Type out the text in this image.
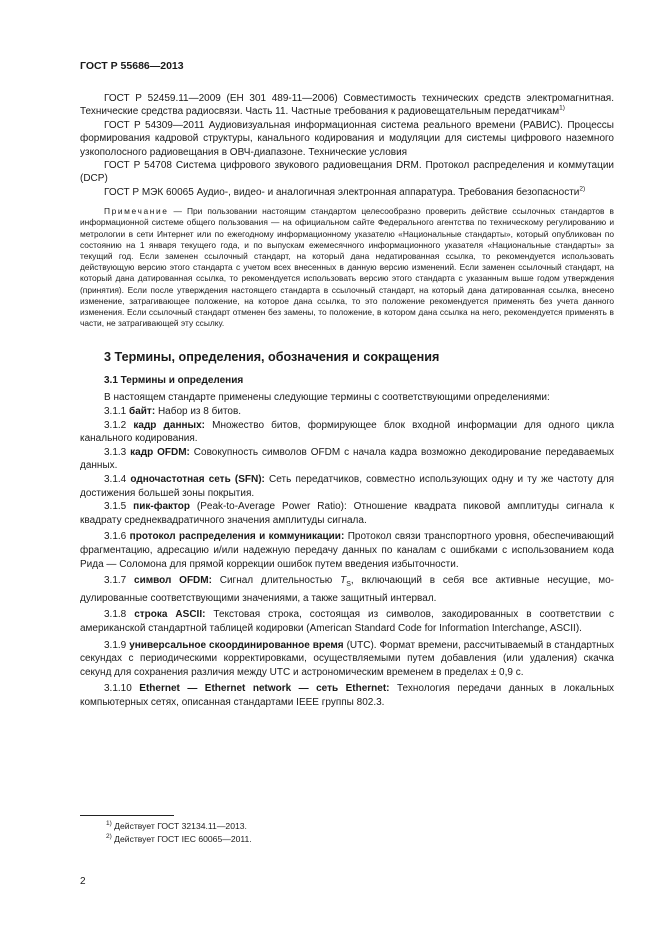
ГОСТ Р 55686—2013

ГОСТ Р 52459.11—2009 (EH 301 489-11—2006) Совместимость технических средств электромагнитная. Технические средства радиосвязи. Часть 11. Частные требования к радиовещательным передатчикам$^{1)}$

ГОСТ Р 54309—2011 Аудиовизуальная информационная система реального времени (РАВИС). Процессы формирования кадровой структуры, канального кодирования и модуляции для системы цифрового наземного узкополосного радиовещания в ОВЧ-диапазоне. Технические условия

ГОСТ Р 54708 Система цифрового звукового радиовещания DRM. Протокол распределения и коммутации (DCP)

ГОСТ Р МЭК 60065 Аудио-, видео- и аналогичная электронная аппаратура. Требования безопасности$^{2)}$

Примечание — При пользовании настоящим стандартом целесообразно проверить действие ссылочных стандартов в информационной системе общего пользования — на официальном сайте Федерального агентства по техническому регулированию и метрологии в сети Интернет или по ежегодному информационному указателю «Национальные стандарты», который опубликован по состоянию на 1 января текущего года, и по выпускам ежемесячного информационного указателя «Национальные стандарты» за текущий год. Если заменен ссылочный стандарт, на который дана недатированная ссылка, то рекомендуется использовать действующую версию этого стандарта с учетом всех внесенных в данную версию изменений. Если заменен ссылочный стандарт, на который дана датированная ссылка, то рекомендуется использовать версию этого стандарта с указанным выше годом утверждения (принятия). Если после утверждения настоящего стандарта в ссылочный стандарт, на который дана датированная ссылка, внесено изменение, затрагивающее положение, на которое дана ссылка, то это положение рекомендуется применять без учета данного изменения. Если ссылочный стандарт отменен без замены, то положение, в котором дана ссылка на него, рекомендуется применять в части, не затрагивающей эту ссылку.

3 Термины, определения, обозначения и сокращения
3.1 Термины и определения

В настоящем стандарте применены следующие термины с соответствующими определениями:

3.1.1 байт: Набор из 8 битов.

3.1.2 кадр данных: Множество битов, формирующее блок входной информации для одного цикла канального кодирования.

3.1.3 кадр OFDM: Совокупность символов OFDM с начала кадра возможно декодирование передаваемых данных.

3.1.4 одночастотная сеть (SFN): Сеть передатчиков, совместно использующих одну и ту же частоту для достижения большей зоны покрытия.

3.1.5 пик-фактор (Peak-to-Average Power Ratio): Отношение квадрата пиковой амплитуды сигнала к квадрату среднеквадратичного значения амплитуды сигнала.

3.1.6 протокол распределения и коммуникации: Протокол связи транспортного уровня, обеспечивающий фрагментацию, адресацию и/или надежную передачу данных по каналам с ошибками с использованием кода Рида — Соломона для прямой коррекции ошибок путем введения избыточности.

3.1.7 символ OFDM: Сигнал длительностью $T_S$, включающий в себя все активные несущие, модулированные соответствующими значениями, а также защитный интервал.

3.1.8 строка ASCII: Текстовая строка, состоящая из символов, закодированных в соответствии с американской стандартной таблицей кодировки (American Standard Code for Information Interchange, ASCII).

3.1.9 универсальное скоординированное время (UTC). Формат времени, рассчитываемый в стандартных секундах с периодическими корректировками, осуществляемыми путем добавления (или удаления) скачка секунд для сохранения различия между UTC и астрономическим временем в пределах ± 0,9 с.

3.1.10 Ethernet — Ethernet network — сеть Ethernet: Технология передачи данных в локальных компьютерных сетях, описанная стандартами IEEE группы 802.3.

$^{1)}$ Действует ГОСТ 32134.11—2013.
$^{2)}$ Действует ГОСТ IEC 60065—2011.
2
